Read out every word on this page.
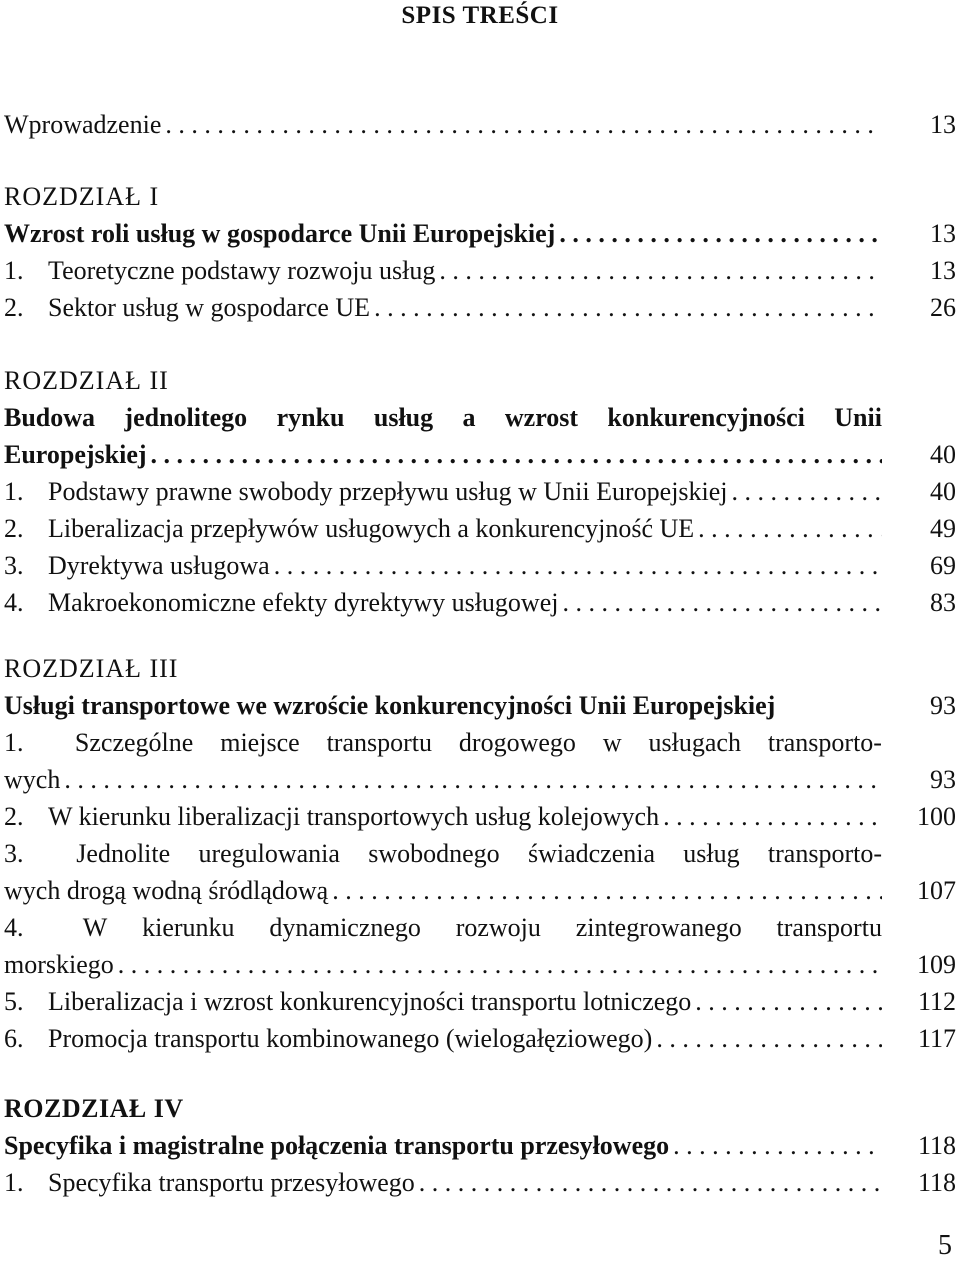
SPIS TREŚCI
Wprowadzenie . . .	13
ROZDZIAŁ I
Wzrost roli usług w gospodarce Unii Europejskiej . . .	13
1. Teoretyczne podstawy rozwoju usług . . .	13
2. Sektor usług w gospodarce UE . . .	26
ROZDZIAŁ II
Budowa jednolitego rynku usług a wzrost konkurencyjności Unii
Europejskiej . . .	40
1. Podstawy prawne swobody przepływu usług w Unii Europejskiej . . .	40
2. Liberalizacja przepływów usługowych a konkurencyjność UE . . .	49
3. Dyrektywa usługowa . . .	69
4. Makroekonomiczne efekty dyrektywy usługowej . . .	83
ROZDZIAŁ III
Usługi transportowe we wzroście konkurencyjności Unii Europejskiej	93
1.	Szczególne miejsce transportu drogowego w usługach transporto-
wych . . .	93
2. W kierunku liberalizacji transportowych usług kolejowych . . .	100
3.	Jednolite uregulowania swobodnego świadczenia usług transporto-
wych drogą wodną śródlądową . . .	107
4.	W kierunku dynamicznego rozwoju zintegrowanego transportu
morskiego . . .	109
5. Liberalizacja i wzrost konkurencyjności transportu lotniczego . . .	112
6. Promocja transportu kombinowanego (wielogałęziowego) . . .	117
ROZDZIAŁ IV
Specyfika i magistralne połączenia transportu przesyłowego . . .	118
1. Specyfika transportu przesyłowego . . .	118
5
